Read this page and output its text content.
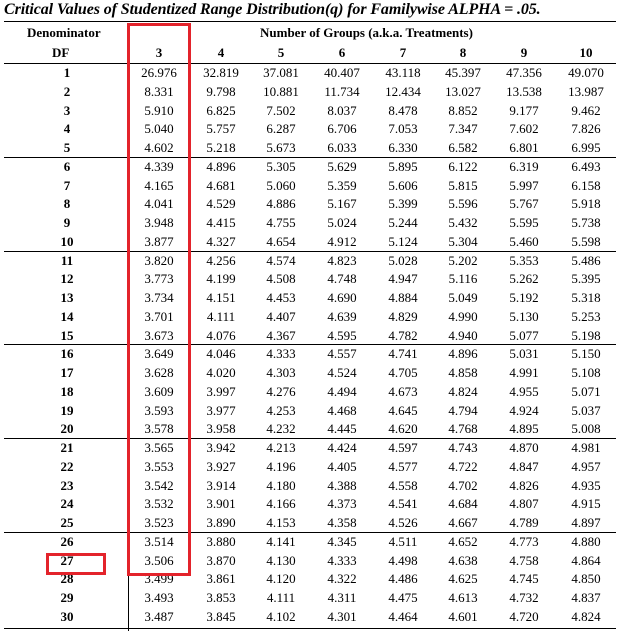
Critical Values of Studentized Range Distribution(q) for Familywise ALPHA = .05.
Denominator
DF
Number of Groups (a.k.a. Treatments)
3	4	5	6	7	8	9	10
1	26.976 32.819 37.081 40.407 43.118 45.397 47.356 49.070
2	8.331	9.798 10.881 11.734 12.434 13.027 13.538 13.987
3	5.910	6.825 7.502 8.037 8.478 8.852 9.177	9.462
4	5.040	5.757 6.287 6.706 7.053 7.347 7.602	7.826
5	4.602	5.218 5.673 6.033 6.330 6.582 6.801	6.995
6	4.339	4.896 5.305 5.629 5.895 6.122 6.319	6.493
7	4.165	4.681 5.060 5.359 5.606 5.815 5.997	6.158
8	4.041	4.529 4.886 5.167 5.399 5.596 5.767	5.918
9	3.948	4.415 4.755 5.024 5.244 5.432 5.595	5.738
10	3.877	4.327 4.654 4.912 5.124 5.304 5.460	5.598
11	3.820	4.256 4.574 4.823 5.028 5.202 5.353	5.486
12	3.773	4.199 4.508 4.748 4.947 5.116 5.262	5.395
13	3.734	4.151 4.453 4.690 4.884 5.049 5.192	5.318
14	3.701	4.111 4.407 4.639 4.829 4.990 5.130	5.253
15	3.673	4.076 4.367 4.595 4.782 4.940 5.077	5.198
16	3.649	4.046 4.333 4.557 4.741 4.896 5.031	5.150
17	3.628	4.020 4.303 4.524 4.705 4.858 4.991	5.108
18	3.609	3.997 4.276 4.494 4.673 4.824 4.955	5.071
19	3.593	3.977 4.253 4.468 4.645 4.794 4.924	5.037
20	3.578	3.958 4.232 4.445 4.620 4.768 4.895	5.008
21	3.565	3.942 4.213 4.424 4.597 4.743 4.870	4.981
22	3.553	3.927 4.196 4.405 4.577 4.722 4.847	4.957
23	3.542	3.914 4.180 4.388 4.558 4.702 4.826	4.935
24	3.532	3.901 4.166 4.373 4.541 4.684 4.807	4.915
25	3.523	3.890 4.153 4.358 4.526 4.667 4.789	4.897
26	3.514	3.880 4.141 4.345 4.511 4.652 4.773	4.880
27	3.506	3.870 4.130 4.333 4.498 4.638 4.758	4.864
28	3.499	3.861 4.120 4.322 4.486 4.625 4.745	4.850
29	3.493	3.853 4.111 4.311 4.475 4.613 4.732	4.837
30	3.487	3.845 4.102 4.301 4.464 4.601 4.720	4.824
